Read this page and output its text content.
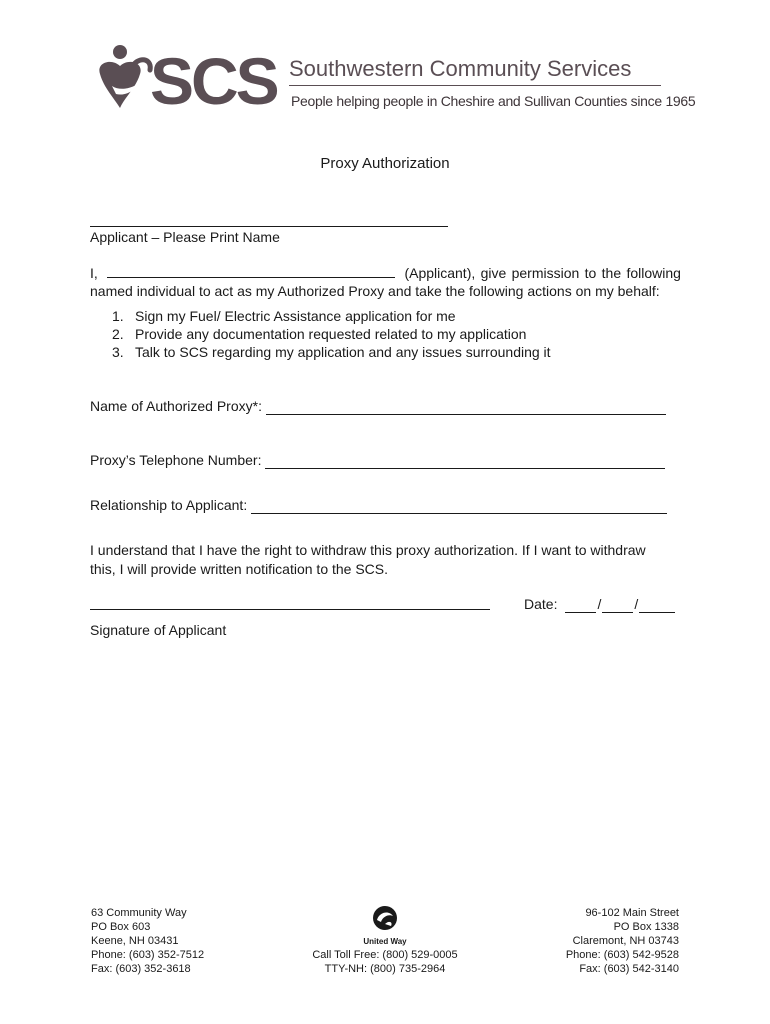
SCS Southwestern Community Services
People helping people in Cheshire and Sullivan Counties since 1965
Proxy Authorization
Applicant – Please Print Name
I,	(Applicant), give permission to the following
named individual to act as my Authorized Proxy and take the following actions on my behalf:
1. Sign my Fuel/ Electric Assistance application for me
2. Provide any documentation requested related to my application
3. Talk to SCS regarding my application and any issues surrounding it
Name of Authorized Proxy*:
Proxy’s Telephone Number:
Relationship to Applicant:
I understand that I have the right to withdraw this proxy authorization. If I want to withdraw
this, I will provide written notification to the SCS.
Date:	/ /
Signature of Applicant
63 Community Way
PO Box 603
Keene, NH 03431
Phone: (603) 352-7512
Fax: (603) 352-3618
United Way
Call Toll Free: (800) 529-0005
TTY-NH: (800) 735-2964
96-102 Main Street
PO Box 1338
Claremont, NH 03743
Phone: (603) 542-9528
Fax: (603) 542-3140
